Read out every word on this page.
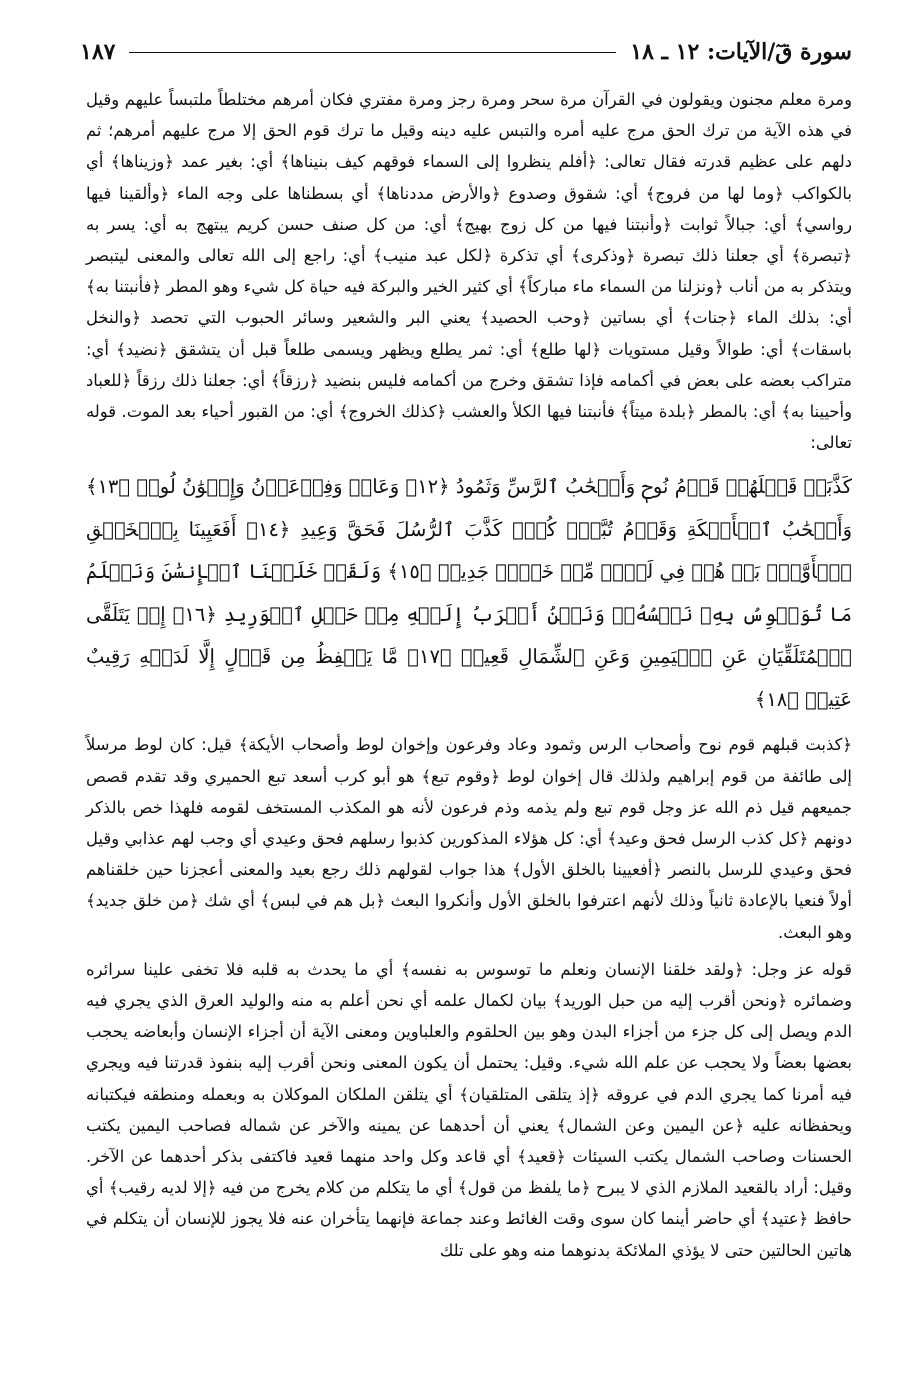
سورة قٓ/الآيات: ١٢ ـ ١٨
١٨٧

ومرة معلم مجنون ويقولون في القرآن مرة سحر ومرة رجز ومرة مفتري فكان أمرهم مختلطاً ملتبساً عليهم وقيل في هذه الآية من ترك الحق مرج عليه أمره والتبس عليه دينه وقيل ما ترك قوم الحق إلا مرج عليهم أمرهم؛ ثم دلهم على عظيم قدرته فقال تعالى: ﴿أفلم ينظروا إلى السماء فوقهم كيف بنيناها﴾ أي: بغير عمد ﴿وزيناها﴾ أي بالكواكب ﴿وما لها من فروج﴾ أي: شقوق وصدوع ﴿والأرض مددناها﴾ أي بسطناها على وجه الماء ﴿وألقينا فيها رواسي﴾ أي: جبالاً ثوابت ﴿وأنبتنا فيها من كل زوج بهيج﴾ أي: من كل صنف حسن كريم يبتهج به أي: يسر به ﴿تبصرة﴾ أي جعلنا ذلك تبصرة ﴿وذكرى﴾ أي تذكرة ﴿لكل عبد منيب﴾ أي: راجع إلى الله تعالى والمعنى ليتبصر ويتذكر به من أناب ﴿ونزلنا من السماء ماء مباركاً﴾ أي كثير الخير والبركة فيه حياة كل شيء وهو المطر ﴿فأنبتنا به﴾ أي: بذلك الماء ﴿جنات﴾ أي بساتين ﴿وحب الحصيد﴾ يعني البر والشعير وسائر الحبوب التي تحصد ﴿والنخل باسقات﴾ أي: طوالاً وقيل مستويات ﴿لها طلع﴾ أي: ثمر يطلع ويظهر ويسمى طلعاً قبل أن يتشقق ﴿نضيد﴾ أي: متراكب بعضه على بعض في أكمامه فإذا تشقق وخرج من أكمامه فليس بنضيد ﴿رزقاً﴾ أي: جعلنا ذلك رزقاً ﴿للعباد وأحيينا به﴾ أي: بالمطر ﴿بلدة ميتاً﴾ فأنبتنا فيها الكلأ والعشب ﴿كذلك الخروج﴾ أي: من القبور أحياء بعد الموت. قوله تعالى:

كَذَّبَتۡ قَبۡلَهُمۡ قَوۡمُ نُوحٖ وَأَصۡحَٰبُ ٱلرَّسِّ وَثَمُودُ ﴿١٢﴾ وَعَادٞ وَفِرۡعَوۡنُ وَإِخۡوَٰنُ لُوطٖ ﴿١٣﴾ وَأَصۡحَٰبُ ٱلۡأَيۡكَةِ وَقَوۡمُ تُبَّعٖۚ كُلّٞ كَذَّبَ ٱلرُّسُلَ فَحَقَّ وَعِيدِ ﴿١٤﴾ أَفَعَيِينَا بِٱلۡخَلۡقِ ٱلۡأَوَّلِۚ بَلۡ هُمۡ فِي لَبۡسٖ مِّنۡ خَلۡقٖ جَدِيدٖ ﴿١٥﴾ وَلَقَدۡ خَلَقۡنَا ٱلۡإِنسَٰنَ وَنَعۡلَمُ مَا تُوَسۡوِسُ بِهِۦ نَفۡسُهُۥۖ وَنَحۡنُ أَقۡرَبُ إِلَيۡهِ مِنۡ حَبۡلِ ٱلۡوَرِيدِ ﴿١٦﴾ إِذۡ يَتَلَقَّى ٱلۡمُتَلَقِّيَانِ عَنِ ٱلۡيَمِينِ وَعَنِ ٱلشِّمَالِ قَعِيدٞ ﴿١٧﴾ مَّا يَلۡفِظُ مِن قَوۡلٍ إِلَّا لَدَيۡهِ رَقِيبٌ عَتِيدٞ ﴿١٨﴾

﴿كذبت قبلهم قوم نوح وأصحاب الرس وثمود وعاد وفرعون وإخوان لوط وأصحاب الأيكة﴾ قيل: كان لوط مرسلاً إلى طائفة من قوم إبراهيم ولذلك قال إخوان لوط ﴿وقوم تبع﴾ هو أبو كرب أسعد تبع الحميري وقد تقدم قصص جميعهم قيل ذم الله عز وجل قوم تبع ولم يذمه وذم فرعون لأنه هو المكذب المستخف لقومه فلهذا خص بالذكر دونهم ﴿كل كذب الرسل فحق وعيد﴾ أي: كل هؤلاء المذكورين كذبوا رسلهم فحق وعيدي أي وجب لهم عذابي وقيل فحق وعيدي للرسل بالنصر ﴿أفعيينا بالخلق الأول﴾ هذا جواب لقولهم ذلك رجع بعيد والمعنى أعجزنا حين خلقناهم أولاً فنعيا بالإعادة ثانياً وذلك لأنهم اعترفوا بالخلق الأول وأنكروا البعث ﴿بل هم في لبس﴾ أي شك ﴿من خلق جديد﴾ وهو البعث.

قوله عز وجل: ﴿ولقد خلقنا الإنسان ونعلم ما توسوس به نفسه﴾ أي ما يحدث به قلبه فلا تخفى علينا سرائره وضمائره ﴿ونحن أقرب إليه من حبل الوريد﴾ بيان لكمال علمه أي نحن أعلم به منه والوليد العرق الذي يجري فيه الدم ويصل إلى كل جزء من أجزاء البدن وهو بين الحلقوم والعلباوين ومعنى الآية أن أجزاء الإنسان وأبعاضه يحجب بعضها بعضاً ولا يحجب عن علم الله شيء. وقيل: يحتمل أن يكون المعنى ونحن أقرب إليه بنفوذ قدرتنا فيه ويجري فيه أمرنا كما يجري الدم في عروقه ﴿إذ يتلقى المتلقيان﴾ أي يتلقن الملكان الموكلان به وبعمله ومنطقه فيكتبانه ويحفظانه عليه ﴿عن اليمين وعن الشمال﴾ يعني أن أحدهما عن يمينه والآخر عن شماله فصاحب اليمين يكتب الحسنات وصاحب الشمال يكتب السيئات ﴿قعيد﴾ أي قاعد وكل واحد منهما قعيد فاكتفى بذكر أحدهما عن الآخر. وقيل: أراد بالقعيد الملازم الذي لا يبرح ﴿ما يلفظ من قول﴾ أي ما يتكلم من كلام يخرج من فيه ﴿إلا لديه رقيب﴾ أي حافظ ﴿عتيد﴾ أي حاضر أينما كان سوى وقت الغائط وعند جماعة فإنهما يتأخران عنه فلا يجوز للإنسان أن يتكلم في هاتين الحالتين حتى لا يؤذي الملائكة بدنوهما منه وهو على تلك
